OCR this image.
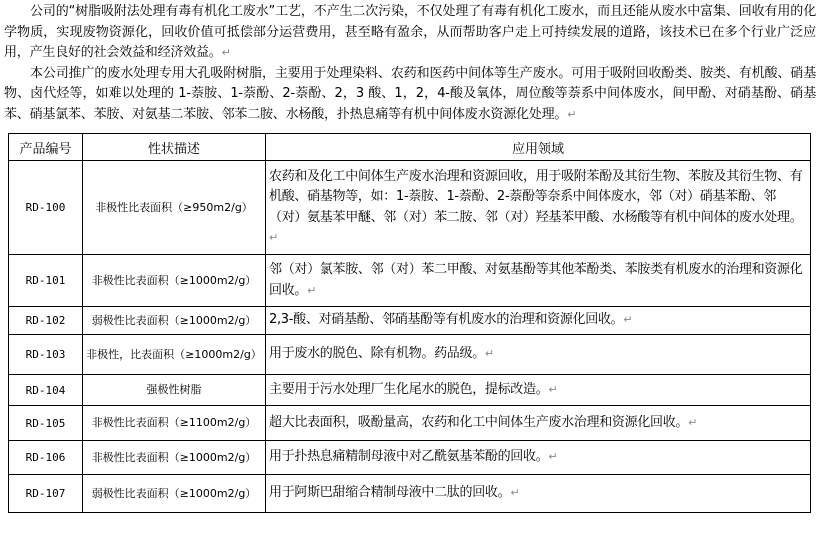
公司的“树脂吸附法处理有毒有机化工废水”工艺，不产生二次污染，不仅处理了有毒有机化工废水，而且还能从废水中富集、回收有用的化学物质，实现废物资源化，回收价值可抵偿部分运营费用，甚至略有盈余，从而帮助客户走上可持续发展的道路，该技术已在多个行业广泛应用，产生良好的社会效益和经济效益。↵

本公司推广的废水处理专用大孔吸附树脂，主要用于处理染料、农药和医药中间体等生产废水。可用于吸附回收酚类、胺类、有机酸、硝基物、卤代烃等，如难以处理的 1-萘胺、1-萘酚、2-萘酚、2，3 酸、1，2，4-酸及氧体，周位酸等萘系中间体废水，间甲酚、对硝基酚、硝基苯、硝基氯苯、苯胺、对氨基二苯胺、邻苯二胺、水杨酸，扑热息痛等有机中间体废水资源化处理。↵

产品编号	性状描述	应用领域
RD-100	非极性比表面积（≥950m2/g）	农药和及化工中间体生产废水治理和资源回收，用于吸附苯酚及其衍生物、苯胺及其衍生物、有机酸、硝基物等，如：1-萘胺、1-萘酚、2-萘酚等奈系中间体废水，邻（对）硝基苯酚、邻（对）氨基苯甲醚、邻（对）苯二胺、邻（对）羟基苯甲酸、水杨酸等有机中间体的废水处理。↵
RD-101	非极性比表面积（≥1000m2/g）	邻（对）氯苯胺、邻（对）苯二甲酸、对氨基酚等其他苯酚类、苯胺类有机废水的治理和资源化回收。↵
RD-102	弱极性比表面积（≥1000m2/g）	2,3-酸、对硝基酚、邻硝基酚等有机废水的治理和资源化回收。↵
RD-103	非极性，比表面积（≥1000m2/g）	用于废水的脱色、除有机物。药品级。↵
RD-104	强极性树脂	主要用于污水处理厂生化尾水的脱色，提标改造。↵
RD-105	非极性比表面积（≥1100m2/g）	超大比表面积，吸酚量高，农药和化工中间体生产废水治理和资源化回收。↵
RD-106	非极性比表面积（≥1000m2/g）	用于扑热息痛精制母液中对乙酰氨基苯酚的回收。↵
RD-107	弱极性比表面积（≥1000m2/g）	用于阿斯巴甜缩合精制母液中二肽的回收。↵
